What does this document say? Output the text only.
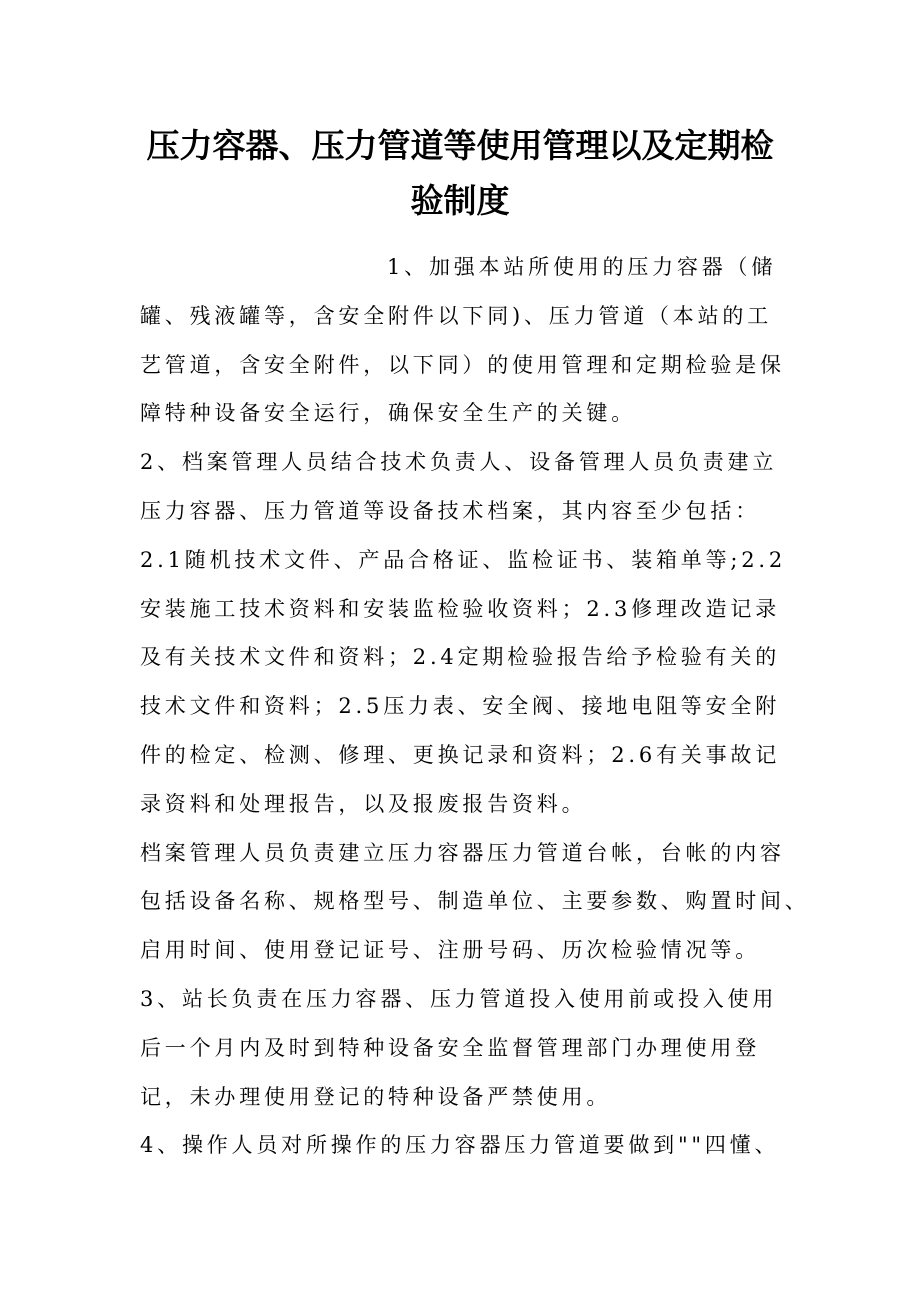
压力容器、压力管道等使用管理以及定期检
验制度
1、加强本站所使用的压力容器（储
罐、残液罐等，含安全附件以下同)、压力管道（本站的工
艺管道，含安全附件，以下同）的使用管理和定期检验是保
障特种设备安全运行，确保安全生产的关键。
2、档案管理人员结合技术负责人、设备管理人员负责建立
压力容器、压力管道等设备技术档案，其内容至少包括：
2.1随机技术文件、产品合格证、监检证书、装箱单等;2.2
安装施工技术资料和安装监检验收资料；2.3修理改造记录
及有关技术文件和资料；2.4定期检验报告给予检验有关的
技术文件和资料；2.5压力表、安全阀、接地电阻等安全附
件的检定、检测、修理、更换记录和资料；2.6有关事故记
录资料和处理报告，以及报废报告资料。
档案管理人员负责建立压力容器压力管道台帐，台帐的内容
包括设备名称、规格型号、制造单位、主要参数、购置时间、
启用时间、使用登记证号、注册号码、历次检验情况等。
3、站长负责在压力容器、压力管道投入使用前或投入使用
后一个月内及时到特种设备安全监督管理部门办理使用登
记，未办理使用登记的特种设备严禁使用。
4、操作人员对所操作的压力容器压力管道要做到""四懂、
